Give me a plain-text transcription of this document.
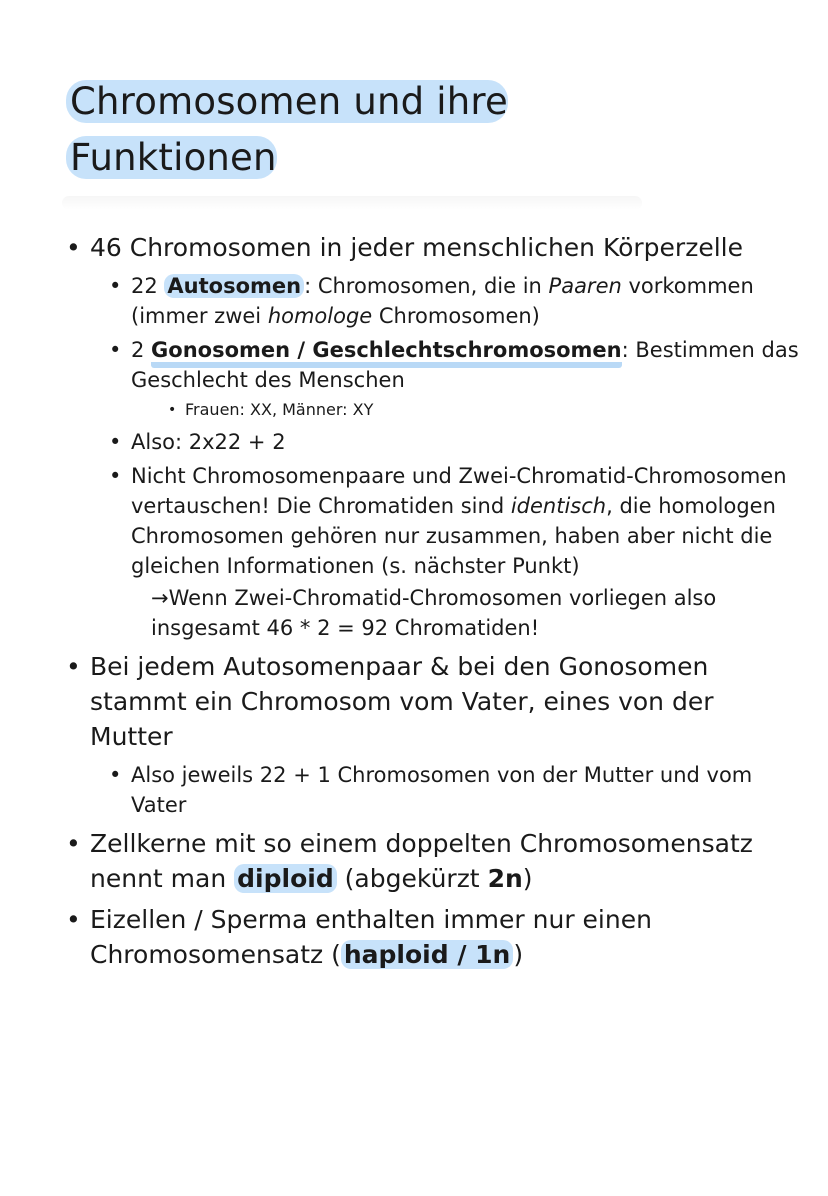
Chromosomen und ihre
Funktionen
• 46 Chromosomen in jeder menschlichen Körperzelle
• 22 Autosomen : Chromosomen, die in Paaren vorkommen (immer zwei homologe Chromosomen)
• 2 Gonosomen / Geschlechtschromosomen: Bestimmen das Geschlecht des Menschen
• Frauen: XX, Männer: XY
• Also: 2x22 + 2
• Nicht Chromosomenpaare und Zwei-Chromatid-Chromosomen vertauschen! Die Chromatiden sind identisch, die homologen Chromosomen gehören nur zusammen, haben aber nicht die gleichen Informationen (s. nächster Punkt)
→Wenn Zwei-Chromatid-Chromosomen vorliegen also insgesamt 46 * 2 = 92 Chromatiden!
• Bei jedem Autosomenpaar & bei den Gonosomen stammt ein Chromosom vom Vater, eines von der Mutter
• Also jeweils 22 + 1 Chromosomen von der Mutter und vom Vater
• Zellkerne mit so einem doppelten Chromosomensatz nennt man diploid (abgekürzt 2n)
• Eizellen / Sperma enthalten immer nur einen Chromosomensatz ( haploid / 1n )
